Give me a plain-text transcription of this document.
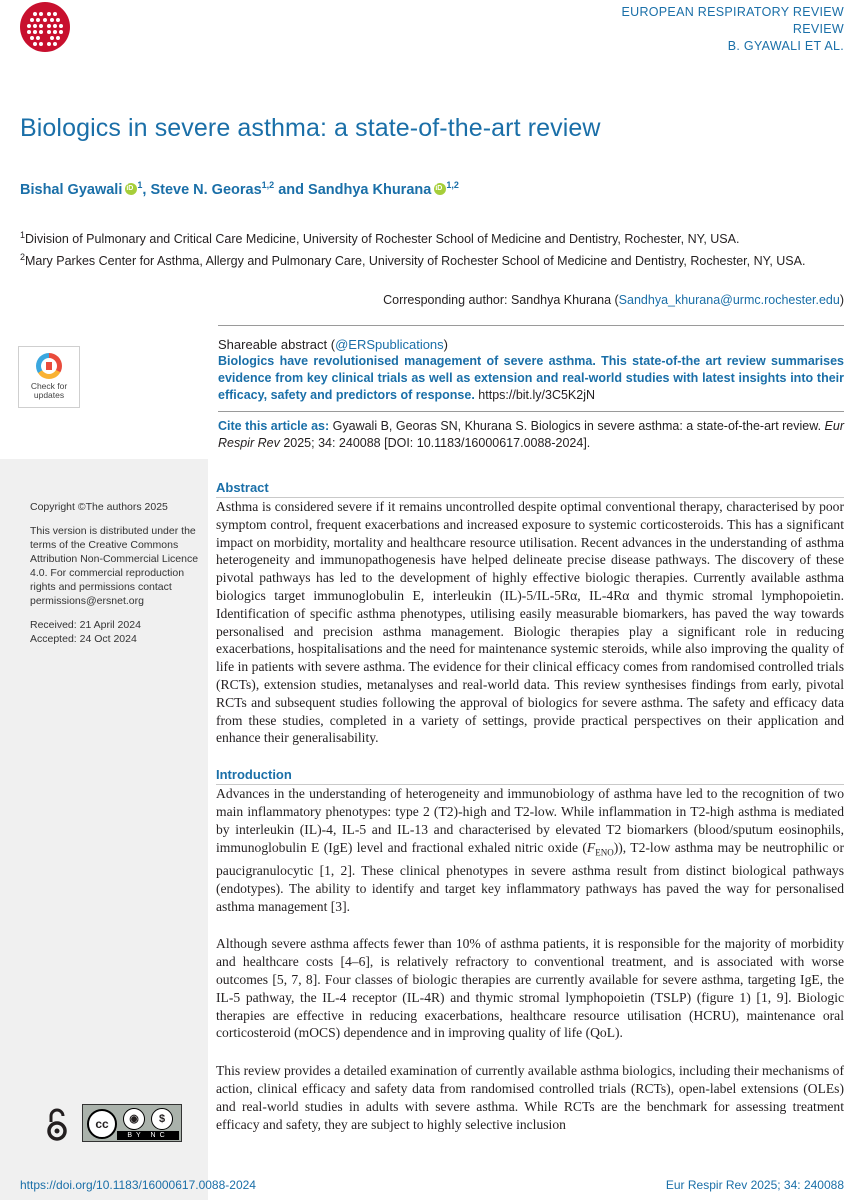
EUROPEAN RESPIRATORY REVIEW
REVIEW
B. GYAWALI ET AL.
Biologics in severe asthma: a state-of-the-art review
Bishal Gyawali iD $^1$, Steve N. Georas$^{1,2}$ and Sandhya Khurana iD $^{1,2}$
$^1$Division of Pulmonary and Critical Care Medicine, University of Rochester School of Medicine and Dentistry, Rochester, NY, USA.
$^2$Mary Parkes Center for Asthma, Allergy and Pulmonary Care, University of Rochester School of Medicine and Dentistry, Rochester, NY, USA.
Corresponding author: Sandhya Khurana (Sandhya_khurana@urmc.rochester.edu)
Check for updates
Shareable abstract (@ERSpublications)
Biologics have revolutionised management of severe asthma. This state-of-the art review summarises evidence from key clinical trials as well as extension and real-world studies with latest insights into their efficacy, safety and predictors of response. https://bit.ly/3C5K2jN
Cite this article as: Gyawali B, Georas SN, Khurana S. Biologics in severe asthma: a state-of-the-art review. Eur Respir Rev 2025; 34: 240088 [DOI: 10.1183/16000617.0088-2024].

Copyright ©The authors 2025

This version is distributed under the terms of the Creative Commons Attribution Non-Commercial Licence 4.0. For commercial reproduction rights and permissions contact permissions@ersnet.org

Received: 21 April 2024

Accepted: 24 Oct 2024

Abstract

Asthma is considered severe if it remains uncontrolled despite optimal conventional therapy, characterised by poor symptom control, frequent exacerbations and increased exposure to systemic corticosteroids. This has a significant impact on morbidity, mortality and healthcare resource utilisation. Recent advances in the understanding of asthma heterogeneity and immunopathogenesis have helped delineate precise disease pathways. The discovery of these pivotal pathways has led to the development of highly effective biologic therapies. Currently available asthma biologics target immunoglobulin E, interleukin (IL)-5/IL-5Rα, IL-4Rα and thymic stromal lymphopoietin. Identification of specific asthma phenotypes, utilising easily measurable biomarkers, has paved the way towards personalised and precision asthma management. Biologic therapies play a significant role in reducing exacerbations, hospitalisations and the need for maintenance systemic steroids, while also improving the quality of life in patients with severe asthma. The evidence for their clinical efficacy comes from randomised controlled trials (RCTs), extension studies, metanalyses and real-world data. This review synthesises findings from early, pivotal RCTs and subsequent studies following the approval of biologics for severe asthma. The safety and efficacy data from these studies, completed in a variety of settings, provide practical perspectives on their application and enhance their generalisability.

Introduction

Advances in the understanding of heterogeneity and immunobiology of asthma have led to the recognition of two main inflammatory phenotypes: type 2 (T2)-high and T2-low. While inflammation in T2-high asthma is mediated by interleukin (IL)-4, IL-5 and IL-13 and characterised by elevated T2 biomarkers (blood/sputum eosinophils, immunoglobulin E (IgE) level and fractional exhaled nitric oxide $(F_{ENO})$), T2-low asthma may be neutrophilic or paucigranulocytic [1, 2]. These clinical phenotypes in severe asthma result from distinct biological pathways (endotypes). The ability to identify and target key inflammatory pathways has paved the way for personalised asthma management [3].

Although severe asthma affects fewer than 10% of asthma patients, it is responsible for the majority of morbidity and healthcare costs [4–6], is relatively refractory to conventional treatment, and is associated with worse outcomes [5, 7, 8]. Four classes of biologic therapies are currently available for severe asthma, targeting IgE, the IL-5 pathway, the IL-4 receptor (IL-4R) and thymic stromal lymphopoietin (TSLP) (figure 1) [1, 9]. Biologic therapies are effective in reducing exacerbations, healthcare resource utilisation (HCRU), maintenance oral corticosteroid (mOCS) dependence and in improving quality of life (QoL).

This review provides a detailed examination of currently available asthma biologics, including their mechanisms of action, clinical efficacy and safety data from randomised controlled trials (RCTs), open-label extensions (OLEs) and real-world studies in adults with severe asthma. While RCTs are the benchmark for assessing treatment efficacy and safety, they are subject to highly selective inclusion

cc	◉	$
BY NC
https://doi.org/10.1183/16000617.0088-2024	Eur Respir Rev 2025; 34: 240088
